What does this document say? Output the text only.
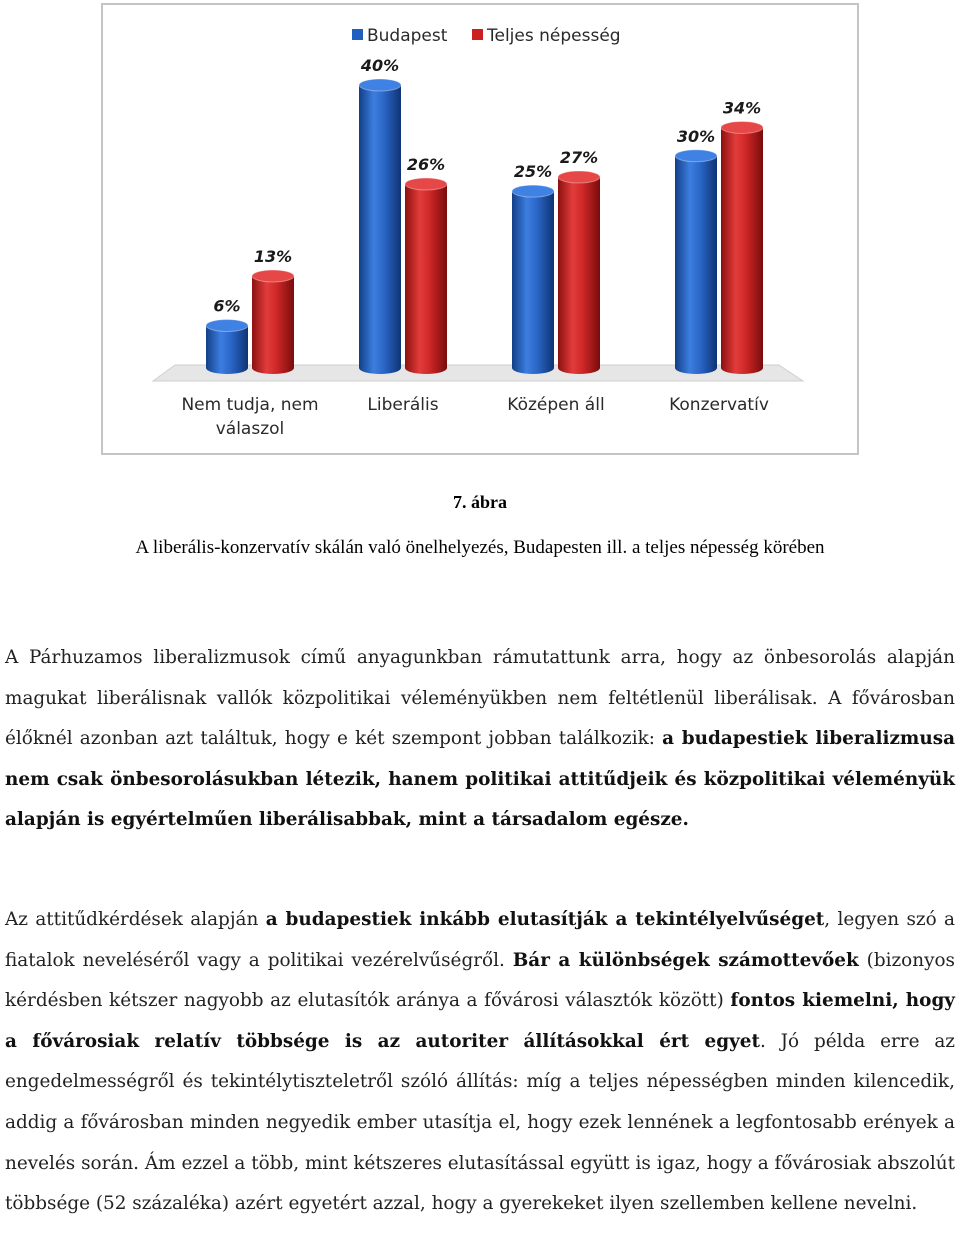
Budapest Teljes népesség
6%
13%
40%
26%	25%
27%
30%
34%
Nem tudja, nem
válaszol
Liberális	Középen áll	Konzervatív
7. ábra
A liberális-konzervatív skálán való önelhelyezés, Budapesten ill. a teljes népesség körében

A Párhuzamos liberalizmusok című anyagunkban rámutattunk arra, hogy az önbesorolás alapján magukat liberálisnak vallók közpolitikai véleményükben nem feltétlenül liberálisak. A fővárosban élőknél azonban azt találtuk, hogy e két szempont jobban találkozik: a budapestiek liberalizmusa nem csak önbesorolásukban létezik, hanem politikai attitűdjeik és közpolitikai véleményük alapján is egyértelműen liberálisabbak, mint a társadalom egésze.

Az attitűdkérdések alapján a budapestiek inkább elutasítják a tekintélyelvűséget, legyen szó a fiatalok neveléséről vagy a politikai vezérelvűségről. Bár a különbségek számottevőek (bizonyos kérdésben kétszer nagyobb az elutasítók aránya a fővárosi választók között) fontos kiemelni, hogy a fővárosiak relatív többsége is az autoriter állításokkal ért egyet. Jó példa erre az engedelmességről és tekintélytiszteletről szóló állítás: míg a teljes népességben minden kilencedik, addig a fővárosban minden negyedik ember utasítja el, hogy ezek lennének a legfontosabb erények a nevelés során. Ám ezzel a több, mint kétszeres elutasítással együtt is igaz, hogy a fővárosiak abszolút többsége (52 százaléka) azért egyetért azzal, hogy a gyerekeket ilyen szellemben kellene nevelni.
